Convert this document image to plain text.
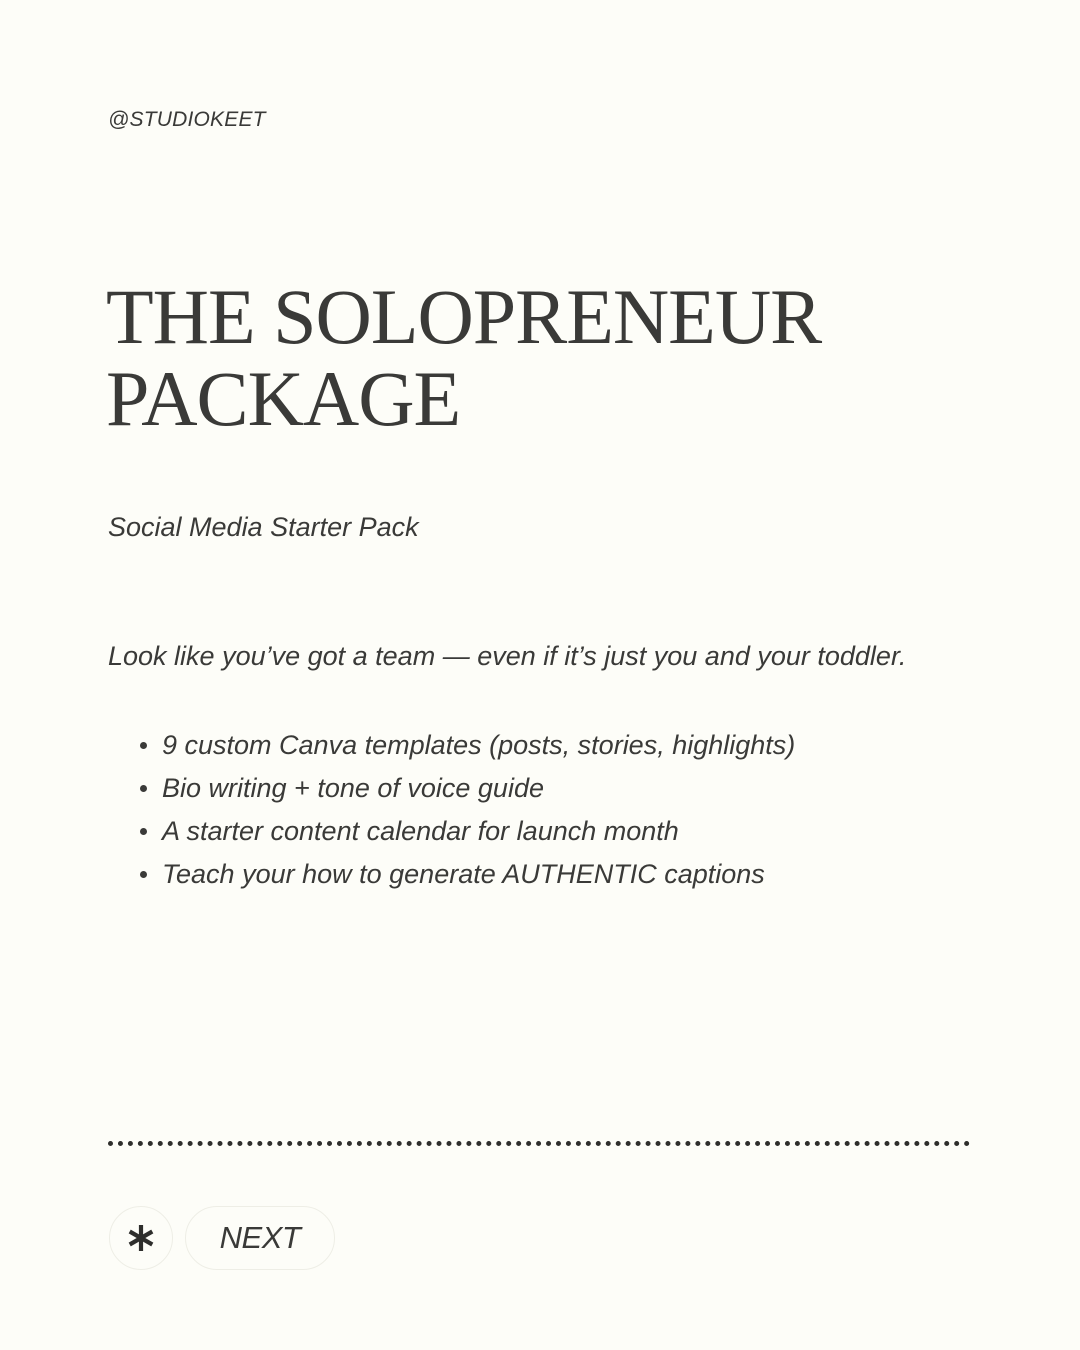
@STUDIOKEET
THE SOLOPRENEUR
PACKAGE
Social Media Starter Pack
Look like you’ve got a team — even if it’s just you and your toddler.
9 custom Canva templates (posts, stories, highlights)
Bio writing + tone of voice guide
A starter content calendar for launch month
Teach your how to generate AUTHENTIC captions
NEXT
